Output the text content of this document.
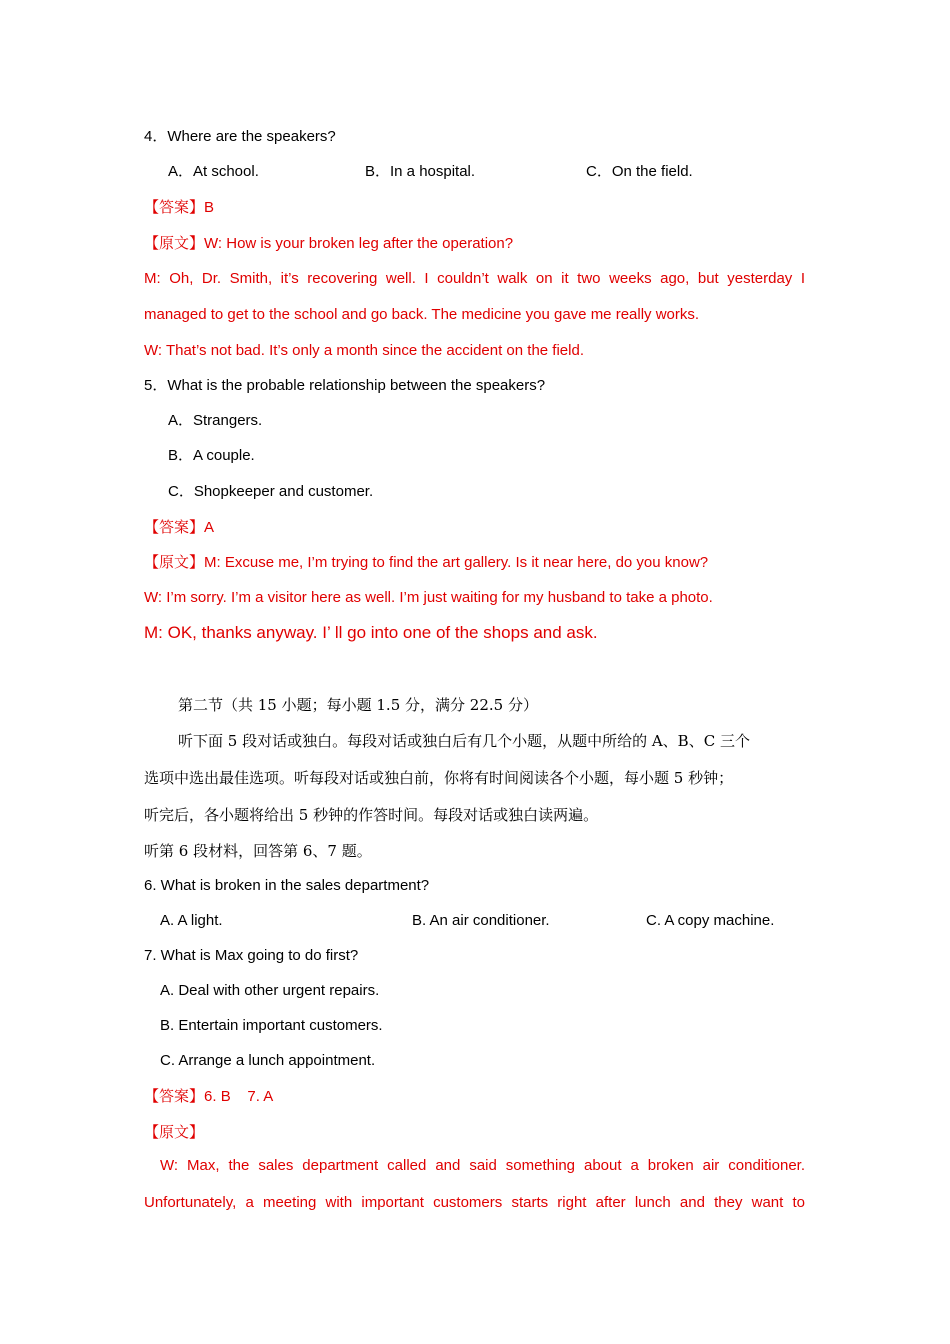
4．Where are the speakers?
A．At school.	B．In a hospital.	C．On the field.
【答案】B
【原文】W: How is your broken leg after the operation?
M: Oh, Dr. Smith, it’s recovering well. I couldn’t walk on it two weeks ago, but yesterday I
managed to get to the school and go back. The medicine you gave me really works.
W: That’s not bad. It’s only a month since the accident on the field.
5．What is the probable relationship between the speakers?
A．Strangers.
B．A couple.
C．Shopkeeper and customer.
【答案】A
【原文】M: Excuse me, I’m trying to find the art gallery. Is it near here, do you know?
W: I’m sorry. I’m a visitor here as well. I’m just waiting for my husband to take a photo.
M: OK, thanks anyway. I’ ll go into one of the shops and ask.
第二节（共 15 小题；每小题 1.5 分，满分 22.5 分）
听下面 5 段对话或独白。每段对话或独白后有几个小题，从题中所给的 A、B、C 三个
选项中选出最佳选项。听每段对话或独白前，你将有时间阅读各个小题，每小题 5 秒钟；
听完后，各小题将给出 5 秒钟的作答时间。每段对话或独白读两遍。
听第 6 段材料，回答第 6、7 题。
6. What is broken in the sales department?
A. A light.	B. An air conditioner.	C. A copy machine.
7. What is Max going to do first?
A. Deal with other urgent repairs.
B. Entertain important customers.
C. Arrange a lunch appointment.
【答案】6. B    7. A
【原文】
W: Max, the sales department called and said something about a broken air conditioner.
Unfortunately, a meeting with important customers starts right after lunch and they want to
